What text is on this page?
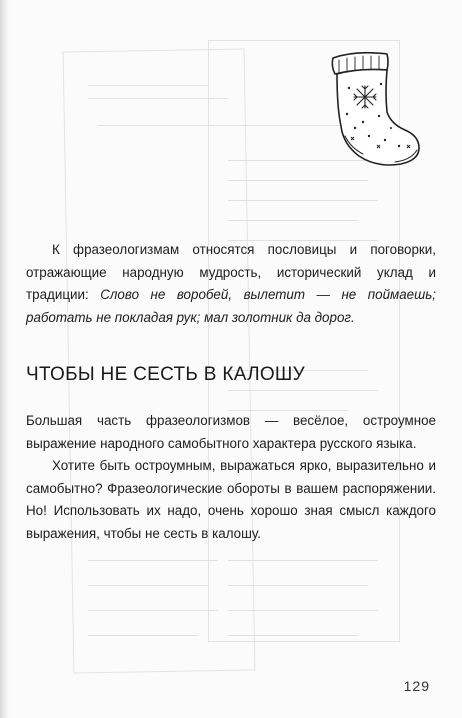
К фразеологизмам относятся пословицы и поговорки, отражающие народную мудрость, исторический уклад и традиции: Слово не воробей, вылетит — не поймаешь; работать не покладая рук; мал золотник да дорог.

ЧТОБЫ НЕ СЕСТЬ В КАЛОШУ

Большая часть фразеологизмов — весёлое, остроумное выражение народного самобытного характера русского языка.

Хотите быть остроумным, выражаться ярко, выразительно и самобытно? Фразеологические обороты в вашем распоряжении. Но! Использовать их надо, очень хорошо зная смысл каждого выражения, чтобы не сесть в калошу.

129
